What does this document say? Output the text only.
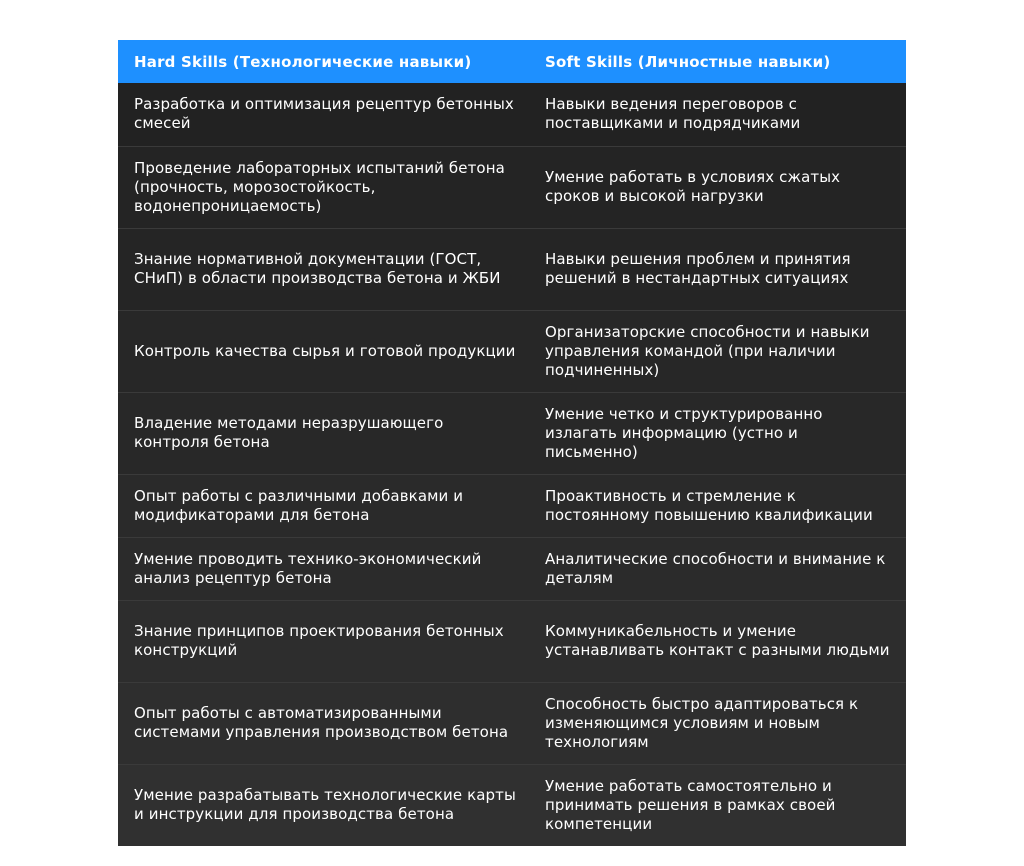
Hard Skills (Технологические навыки)	Soft Skills (Личностные навыки)
Разработка и оптимизация рецептур бетонных смесей	Навыки ведения переговоров с поставщиками и подрядчиками
Проведение лабораторных испытаний бетона (прочность, морозостойкость, водонепроницаемость)	Умение работать в условиях сжатых сроков и высокой нагрузки
Знание нормативной документации (ГОСТ, СНиП) в области производства бетона и ЖБИ	Навыки решения проблем и принятия решений в нестандартных ситуациях
Контроль качества сырья и готовой продукции	Организаторские способности и навыки управления командой (при наличии подчиненных)
Владение методами неразрушающего контроля бетона	Умение четко и структурированно излагать информацию (устно и письменно)
Опыт работы с различными добавками и модификаторами для бетона	Проактивность и стремление к постоянному повышению квалификации
Умение проводить технико-экономический анализ рецептур бетона	Аналитические способности и внимание к деталям
Знание принципов проектирования бетонных конструкций	Коммуникабельность и умение устанавливать контакт с разными людьми
Опыт работы с автоматизированными системами управления производством бетона	Способность быстро адаптироваться к изменяющимся условиям и новым технологиям
Умение разрабатывать технологические карты и инструкции для производства бетона	Умение работать самостоятельно и принимать решения в рамках своей компетенции
